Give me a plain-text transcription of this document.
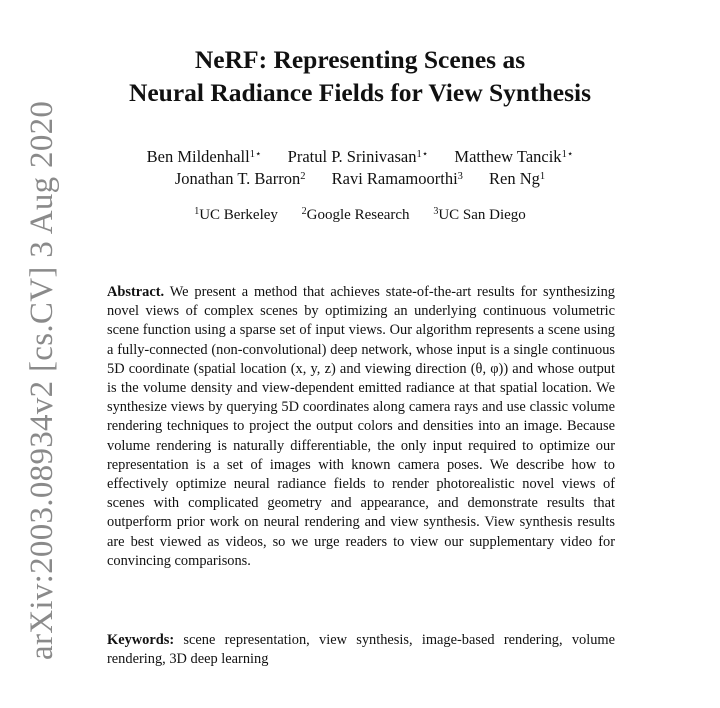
arXiv:2003.08934v2 [cs.CV] 3 Aug 2020
NeRF: Representing Scenes as
Neural Radiance Fields for View Synthesis
Ben Mildenhall$^{1⋆}$ Pratul P. Srinivasan$^{1⋆}$ Matthew Tancik$^{1⋆}$
Jonathan T. Barron$^2$ Ravi Ramamoorthi$^3$ Ren Ng$^1$
$^1$UC Berkeley $^2$Google Research $^3$UC San Diego
Abstract. We present a method that achieves state-of-the-art results for synthesizing novel views of complex scenes by optimizing an underlying continuous volumetric scene function using a sparse set of input views. Our algorithm represents a scene using a fully-connected (non-convolutional) deep network, whose input is a single continuous 5D coordinate (spatial location (x, y, z) and viewing direction (θ, φ)) and whose output is the volume density and view-dependent emitted radiance at that spatial location. We synthesize views by querying 5D coordinates along camera rays and use classic volume rendering techniques to project the output colors and densities into an image. Because volume rendering is naturally differentiable, the only input required to optimize our representation is a set of images with known camera poses. We describe how to effectively optimize neural radiance fields to render photorealistic novel views of scenes with complicated geometry and appearance, and demonstrate results that outperform prior work on neural rendering and view synthesis. View synthesis results are best viewed as videos, so we urge readers to view our supplementary video for convincing comparisons.
Keywords: scene representation, view synthesis, image-based rendering, volume rendering, 3D deep learning
